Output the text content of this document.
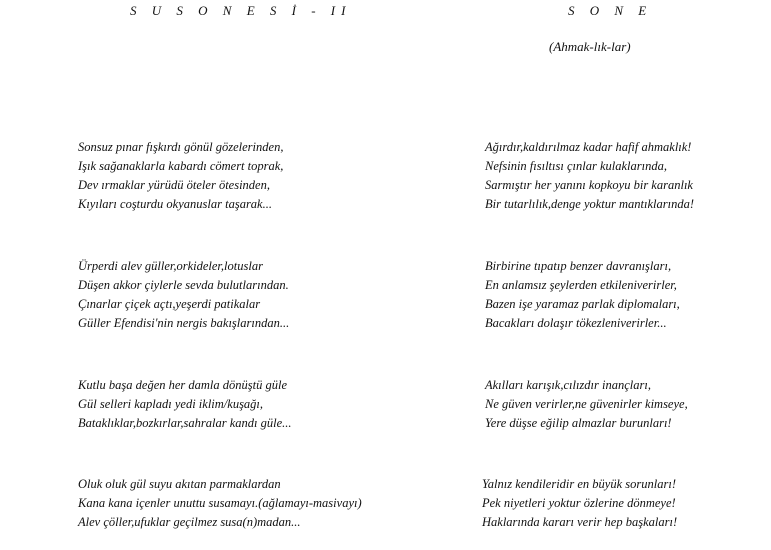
S U S O N E S İ - II	S O N E
(Ahmak-lık-lar)
Sonsuz pınar fışkırdı gönül gözelerinden,
Işık sağanaklarla kabardı cömert toprak,
Dev ırmaklar yürüdü öteler ötesinden,
Kıyıları coşturdu okyanuslar taşarak...
Ürperdi alev güller,orkideler,lotuslar
Düşen akkor çiylerle sevda bulutlarından.
Çınarlar çiçek açtı,yeşerdi patikalar
Güller Efendisi'nin nergis bakışlarından...
Kutlu başa değen her damla dönüştü güle
Gül selleri kapladı yedi iklim/kuşağı,
Bataklıklar,bozkırlar,sahralar kandı güle...
Oluk oluk gül suyu akıtan parmaklardan
Kana kana içenler unuttu susamayı.(ağlamayı-masivayı)
Alev çöller,ufuklar geçilmez susa(n)madan...
Ağırdır,kaldırılmaz kadar hafif ahmaklık!
Nefsinin fısıltısı çınlar kulaklarında,
Sarmıştır her yanını kopkoyu bir karanlık
Bir tutarlılık,denge yoktur mantıklarında!
Birbirine tıpatıp benzer davranışları,
En anlamsız şeylerden etkileniverirler,
Bazen işe yaramaz parlak diplomaları,
Bacakları dolaşır tökezleniverirler...
Akılları karışık,cılızdır inançları,
Ne güven verirler,ne güvenirler kimseye,
Yere düşse eğilip almazlar burunları!
Yalnız kendileridir en büyük sorunları!
Pek niyetleri yoktur özlerine dönmeye!
Haklarında kararı verir hep başkaları!
